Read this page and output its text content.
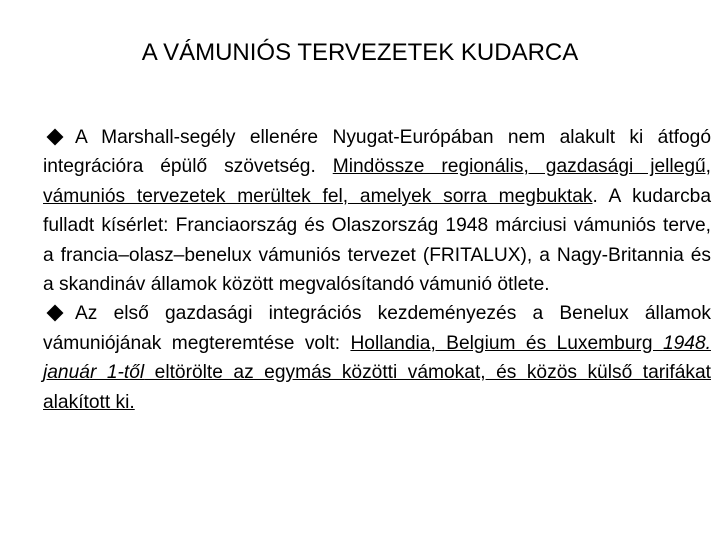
A VÁMUNIÓS TERVEZETEK KUDARCA

A Marshall-segély ellenére Nyugat-Európában nem alakult ki átfogó integrációra épülő szövetség. Mindössze regionális, gazdasági jellegű, vámuniós tervezetek merültek fel, amelyek sorra megbuktak. A kudarcba fulladt kísérlet: Franciaország és Olaszország 1948 márciusi vámuniós terve, a francia–olasz–benelux vámuniós tervezet (FRITALUX), a Nagy-Britannia és a skandináv államok között megvalósítandó vámunió ötlete.

Az első gazdasági integrációs kezdeményezés a Benelux államok vámuniójának megteremtése volt: Hollandia, Belgium és Luxemburg 1948. január 1-től eltörölte az egymás közötti vámokat, és közös külső tarifákat alakított ki.
